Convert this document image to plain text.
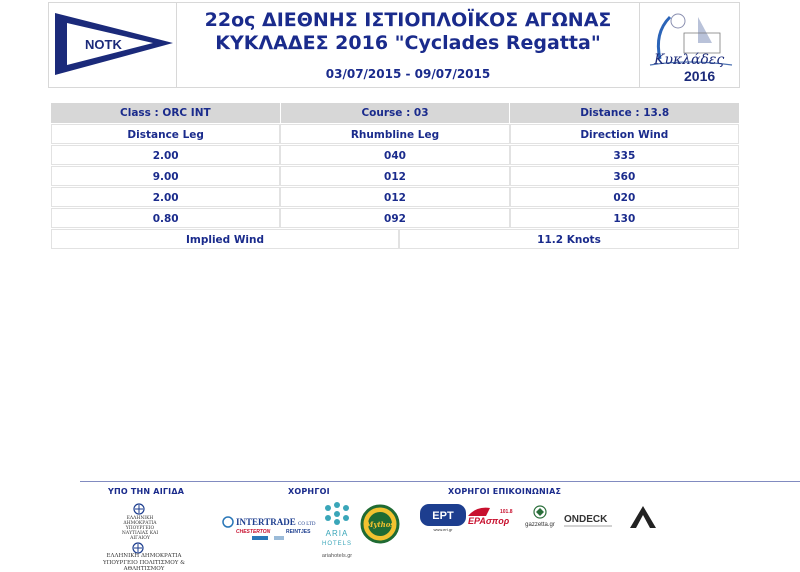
NOTK
22ος ΔΙΕΘΝΗΣ ΙΣΤΙΟΠΛΟΪΚΟΣ ΑΓΩΝΑΣ
ΚΥΚΛΑΔΕΣ 2016 "Cyclades Regatta"
03/07/2015 - 09/07/2015
Κυκλάδες
2016
Class : ORC INT	Course : 03	Distance : 13.8
Distance Leg	Rhumbline Leg	Direction Wind
2.00	040	335
9.00	012	360
2.00	012	020
0.80	092	130
Implied Wind	11.2 Knots
ΥΠΟ ΤΗΝ ΑΙΓΙΔΑ	ΧΟΡΗΓΟΙ	ΧΟΡΗΓΟΙ ΕΠΙΚΟΙΝΩΝΙΑΣ
ΕΛΛΗΝΙΚΗ ΔΗΜΟΚΡΑΤΙΑ ΥΠΟΥΡΓΕΙΟ ΝΑΥΤΙΛΙΑΣ ΚΑΙ ΑΙΓΑΙΟΥ
ΕΛΛΗΝΙΚΗ ΔΗΜΟΚΡΑΤΙΑ
ΥΠΟΥΡΓΕΙΟ ΠΟΛΙΤΙΣΜΟΥ & ΑΘΛΗΤΙΣΜΟΥ
INTERTRADE CO LTD
CHESTERTON	REINTJES ARIA
HOTELS
ariahotels.gr
Mythos
ΕΡΤ
www.ert.gr
101.8
ΕΡΑσπορ	gazzetta.gr ONDECK
